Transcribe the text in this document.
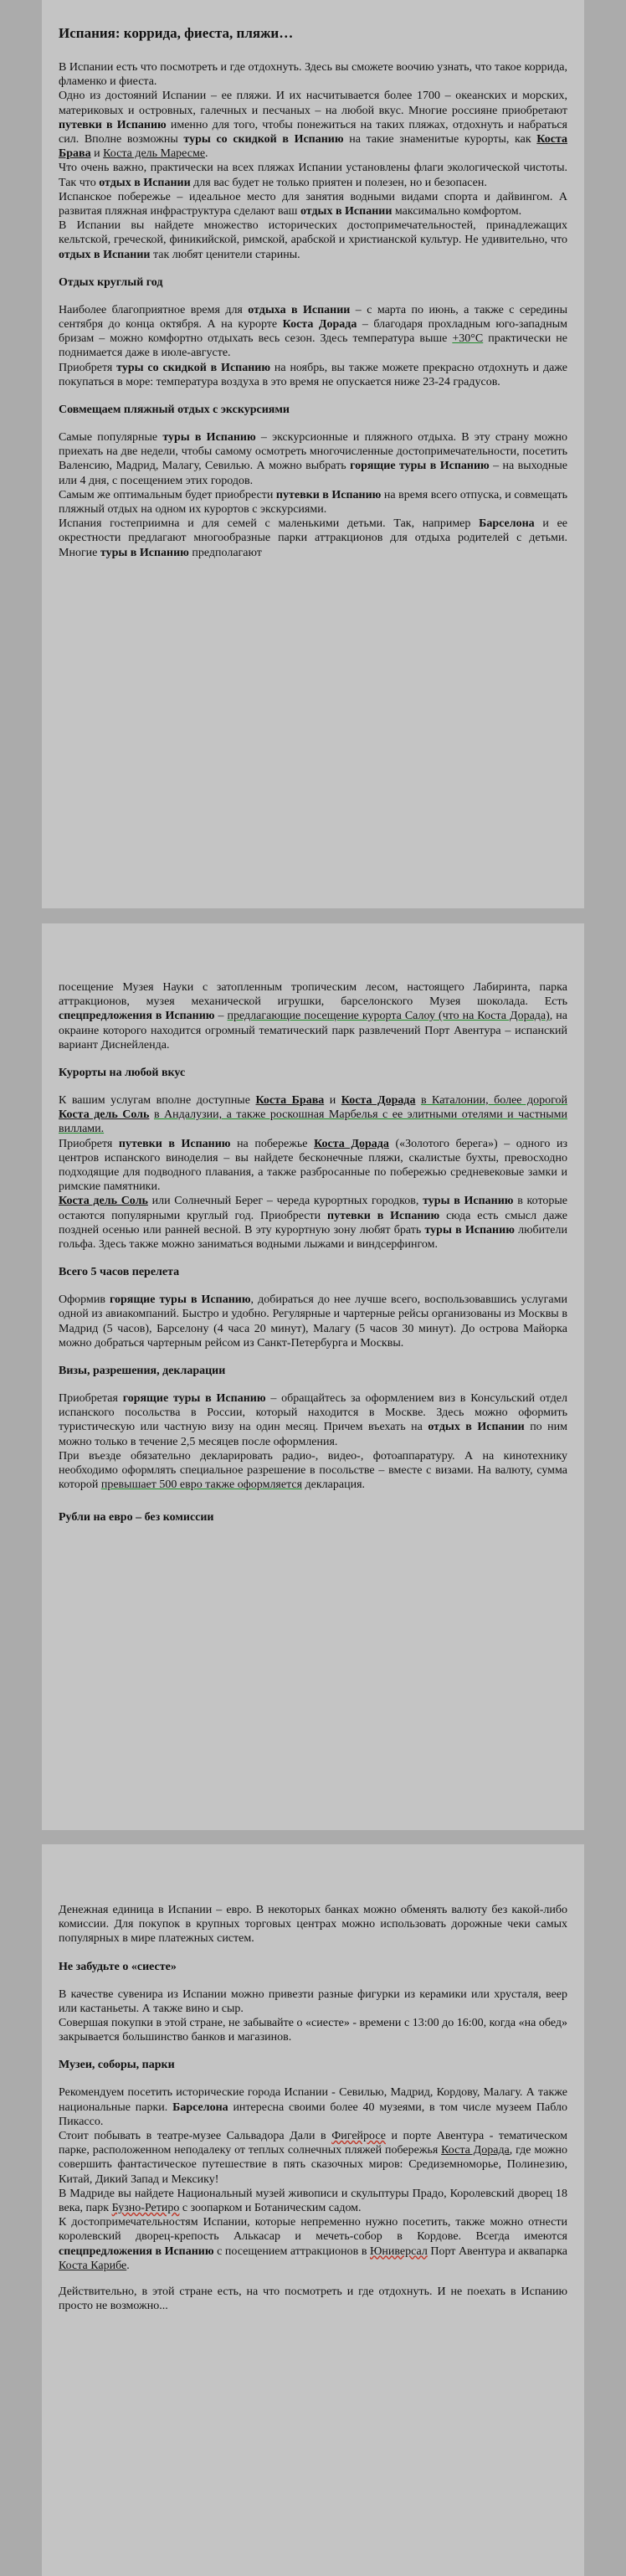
Испания: коррида, фиеста, пляжи…

В Испании есть что посмотреть и где отдохнуть. Здесь вы сможете воочию узнать, что такое коррида, фламенко и фиеста.

Одно из достояний Испании – ее пляжи. И их насчитывается более 1700 – океанских и морских, материковых и островных, галечных и песчаных – на любой вкус. Многие россияне приобретают путевки в Испанию именно для того, чтобы понежиться на таких пляжах, отдохнуть и набраться сил. Вполне возможны туры со скидкой в Испанию на такие знаменитые курорты, как Коста Брава и Коста дель Маресме.

Что очень важно, практически на всех пляжах Испании установлены флаги экологической чистоты. Так что отдых в Испании для вас будет не только приятен и полезен, но и безопасен.

Испанское побережье – идеальное место для занятия водными видами спорта и дайвингом. А развитая пляжная инфраструктура сделают ваш отдых в Испании максимально комфортом.

В Испании вы найдете множество исторических достопримечательностей, принадлежащих кельтской, греческой, финикийской, римской, арабской и христианской культур. Не удивительно, что отдых в Испании так любят ценители старины.

Отдых круглый год

Наиболее благоприятное время для отдыха в Испании – с марта по июнь, а также с середины сентября до конца октября. А на курорте Коста Дорада – благодаря прохладным юго-западным бризам – можно комфортно отдыхать весь сезон. Здесь температура выше +30°С практически не поднимается даже в июле-августе.

Приобретя туры со скидкой в Испанию на ноябрь, вы также можете прекрасно отдохнуть и даже покупаться в море: температура воздуха в это время не опускается ниже 23-24 градусов.

Совмещаем пляжный отдых с экскурсиями

Самые популярные туры в Испанию – экскурсионные и пляжного отдыха. В эту страну можно приехать на две недели, чтобы самому осмотреть многочисленные достопримечательности, посетить Валенсию, Мадрид, Малагу, Севилью. А можно выбрать горящие туры в Испанию – на выходные или 4 дня, с посещением этих городов.

Самым же оптимальным будет приобрести путевки в Испанию на время всего отпуска, и совмещать пляжный отдых на одном их курортов с экскурсиями.

Испания гостеприимна и для семей с маленькими детьми. Так, например Барселона и ее окрестности предлагают многообразные парки аттракционов для отдыха родителей с детьми. Многие туры в Испанию предполагают

посещение Музея Науки с затопленным тропическим лесом, настоящего Лабиринта, парка аттракционов, музея механической игрушки, барселонского Музея шоколада. Есть спецпредложения в Испанию – предлагающие посещение курорта Салоу (что на Коста Дорада), на окраине которого находится огромный тематический парк развлечений Порт Авентура – испанский вариант Диснейленда.

Курорты на любой вкус

К вашим услугам вполне доступные Коста Брава и Коста Дорада в Каталонии, более дорогой Коста дель Соль в Андалузии, а также роскошная Марбелья с ее элитными отелями и частными виллами.

Приобретя путевки в Испанию на побережье Коста Дорада («Золотого берега») – одного из центров испанского виноделия – вы найдете бесконечные пляжи, скалистые бухты, превосходно подходящие для подводного плавания, а также разбросанные по побережью средневековые замки и римские памятники.

Коста дель Соль или Солнечный Берег – череда курортных городков, туры в Испанию в которые остаются популярными круглый год. Приобрести путевки в Испанию сюда есть смысл даже поздней осенью или ранней весной. В эту курортную зону любят брать туры в Испанию любители гольфа. Здесь также можно заниматься водными лыжами и виндсерфингом.

Всего 5 часов перелета

Оформив горящие туры в Испанию, добираться до нее лучше всего, воспользовавшись услугами одной из авиакомпаний. Быстро и удобно. Регулярные и чартерные рейсы организованы из Москвы в Мадрид (5 часов), Барселону (4 часа 20 минут), Малагу (5 часов 30 минут). До острова Майорка можно добраться чартерным рейсом из Санкт-Петербурга и Москвы.

Визы, разрешения, декларации

Приобретая горящие туры в Испанию – обращайтесь за оформлением виз в Консульский отдел испанского посольства в России, который находится в Москве. Здесь можно оформить туристическую или частную визу на один месяц. Причем въехать на отдых в Испании по ним можно только в течение 2,5 месяцев после оформления.

При въезде обязательно декларировать радио-, видео-, фотоаппаратуру. А на кинотехнику необходимо оформлять специальное разрешение в посольстве – вместе с визами. На валюту, сумма которой превышает 500 евро также оформляется декларация.

Рубли на евро – без комиссии

Денежная единица в Испании – евро. В некоторых банках можно обменять валюту без какой-либо комиссии. Для покупок в крупных торговых центрах можно использовать дорожные чеки самых популярных в мире платежных систем.

Не забудьте о «сиесте»

В качестве сувенира из Испании можно привезти разные фигурки из керамики или хрусталя, веер или кастаньеты. А также вино и сыр.

Совершая покупки в этой стране, не забывайте о «сиесте» - времени с 13:00 до 16:00, когда «на обед» закрывается большинство банков и магазинов.

Музеи, соборы, парки

Рекомендуем посетить исторические города Испании - Севилью, Мадрид, Кордову, Малагу. А также национальные парки. Барселона интересна своими более 40 музеями, в том числе музеем Пабло Пикассо.

Стоит побывать в театре-музее Сальвадора Дали в Фигейросе и порте Авентура - тематическом парке, расположенном неподалеку от теплых солнечных пляжей побережья Коста Дорада, где можно совершить фантастическое путешествие в пять сказочных миров: Средиземноморье, Полинезию, Китай, Дикий Запад и Мексику!

В Мадриде вы найдете Национальный музей живописи и скульптуры Прадо, Королевский дворец 18 века, парк Бузно-Ретиро с зоопарком и Ботаническим садом.

К достопримечательностям Испании, которые непременно нужно посетить, также можно отнести королевский дворец-крепость Алькасар и мечеть-собор в Кордове. Всегда имеются спецпредложения в Испанию с посещением аттракционов в Юниверсал Порт Авентура и аквапарка Коста Карибе.

Действительно, в этой стране есть, на что посмотреть и где отдохнуть. И не поехать в Испанию просто не возможно...
